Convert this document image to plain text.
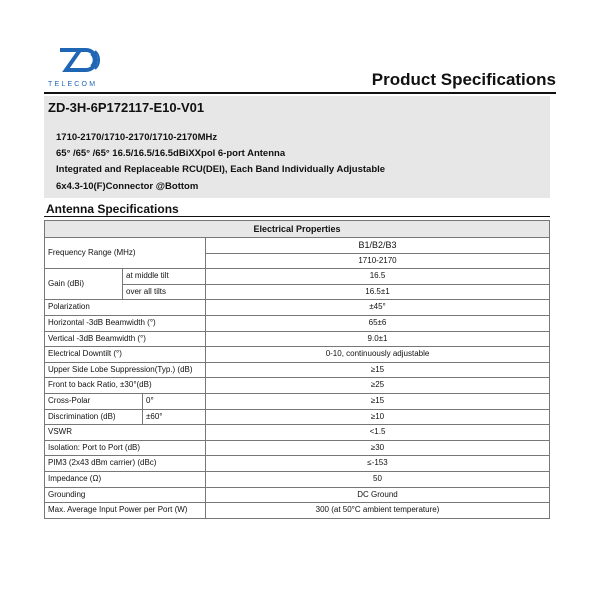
TELECOM	Product Specifications
ZD-3H-6P172117-E10-V01
1710-2170/1710-2170/1710-2170MHz
65° /65° /65° 16.5/16.5/16.5dBiXXpol 6-port Antenna
Integrated and Replaceable RCU(DEI), Each Band Individually Adjustable
6x4.3-10(F)Connector @Bottom
Antenna Specifications
Electrical Properties			
Frequency Range (MHz)			B1/B2/B3
			1710-2170
Gain (dBi)	at middle tilt		16.5
	over all tilts		16.5±1
Polarization			±45°
Horizontal -3dB Beamwidth (°)			65±6
Vertical -3dB Beamwidth (°)			9.0±1
Electrical Downtilt (°)			0-10, continuously adjustable
Upper Side Lobe Suppression(Typ.) (dB)			≥15
Front to back Ratio, ±30°(dB)			≥25
Cross-Polar		0°	≥15
Discrimination (dB)		±60°	≥10
VSWR			<1.5
Isolation: Port to Port (dB)			≥30
PIM3 (2x43 dBm carrier) (dBc)			≤-153
Impedance (Ω)			50
Grounding			DC Ground
Max. Average Input Power per Port (W)			300 (at 50°C ambient temperature)
